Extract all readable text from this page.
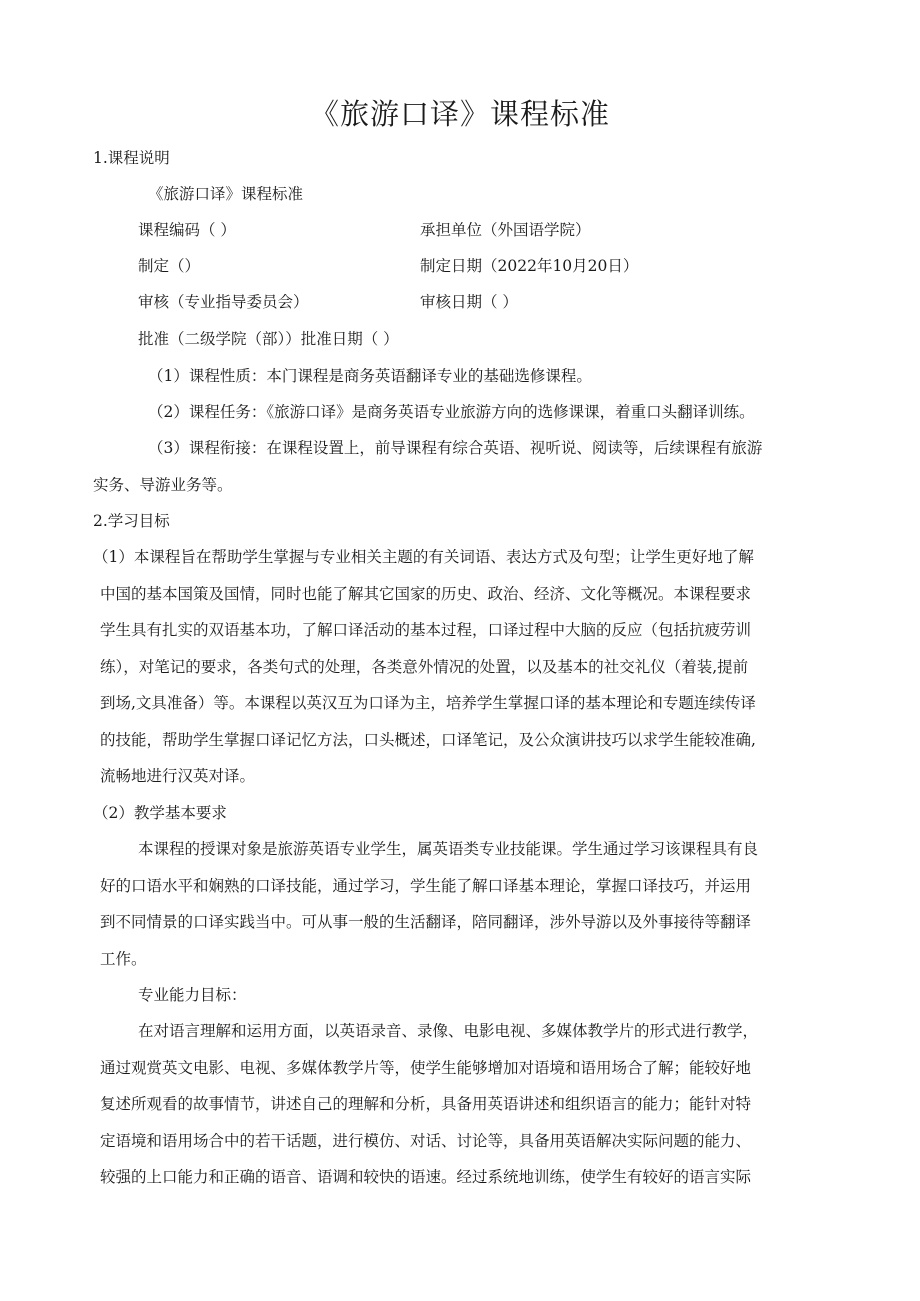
《旅游口译》课程标准
1.课程说明
《旅游口译》课程标准
课程编码（ ）	承担单位（外国语学院）
制定（）	制定日期（2022年10月20日）
审核（专业指导委员会）	审核日期（ ）
批准（二级学院（部））批准日期（ ）
（1）课程性质：本门课程是商务英语翻译专业的基础选修课程。
（2）课程任务：《旅游口译》是商务英语专业旅游方向的选修课课，着重口头翻译训练。
（3）课程衔接：在课程设置上，前导课程有综合英语、视听说、阅读等，后续课程有旅游
实务、导游业务等。
2.学习目标
（1）本课程旨在帮助学生掌握与专业相关主题的有关词语、表达方式及句型；让学生更好地了解
中国的基本国策及国情，同时也能了解其它国家的历史、政治、经济、文化等概况。本课程要求
学生具有扎实的双语基本功，了解口译活动的基本过程，口译过程中大脑的反应（包括抗疲劳训
练），对笔记的要求，各类句式的处理，各类意外情况的处置，以及基本的社交礼仪（着装,提前
到场,文具准备）等。本课程以英汉互为口译为主，培养学生掌握口译的基本理论和专题连续传译
的技能，帮助学生掌握口译记忆方法，口头概述，口译笔记，及公众演讲技巧以求学生能较准确,
流畅地进行汉英对译。
（2）教学基本要求
本课程的授课对象是旅游英语专业学生，属英语类专业技能课。学生通过学习该课程具有良
好的口语水平和娴熟的口译技能，通过学习，学生能了解口译基本理论，掌握口译技巧，并运用
到不同情景的口译实践当中。可从事一般的生活翻译，陪同翻译，涉外导游以及外事接待等翻译
工作。
专业能力目标：
在对语言理解和运用方面，以英语录音、录像、电影电视、多媒体教学片的形式进行教学，
通过观赏英文电影、电视、多媒体教学片等，使学生能够增加对语境和语用场合了解；能较好地
复述所观看的故事情节，讲述自己的理解和分析，具备用英语讲述和组织语言的能力；能针对特
定语境和语用场合中的若干话题，进行模仿、对话、讨论等，具备用英语解决实际问题的能力、
较强的上口能力和正确的语音、语调和较快的语速。经过系统地训练，使学生有较好的语言实际
